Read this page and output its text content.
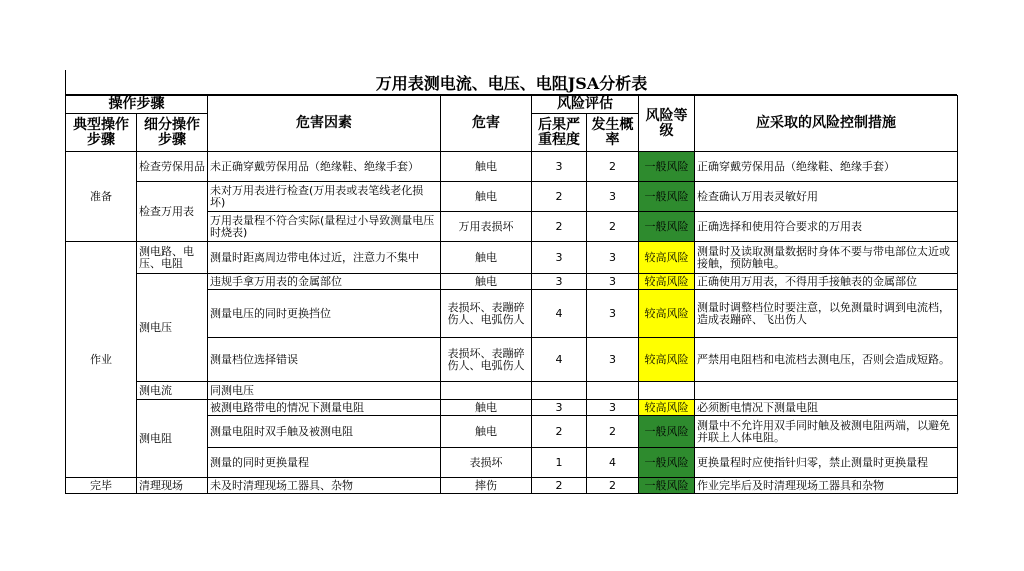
万用表测电流、电压、电阻JSA分析表
操作步骤		危害因素	危害	风险评估		风险等级	应采取的风险控制措施
典型操作步骤	细分操作步骤			后果严重程度	发生概率		
准备	检查劳保用品	未正确穿戴劳保用品（绝缘鞋、绝缘手套）	触电	3	2	一般风险	正确穿戴劳保用品（绝缘鞋、绝缘手套）
	检查万用表	未对万用表进行检查(万用表或表笔线老化损坏)	触电	2	3	一般风险	检查确认万用表灵敏好用
		万用表量程不符合实际(量程过小导致测量电压时烧表)	万用表损坏	2	2	一般风险	正确选择和使用符合要求的万用表
作业	测电路、电压、电阻	测量时距离周边带电体过近，注意力不集中	触电	3	3	较高风险	测量时及读取测量数据时身体不要与带电部位太近或接触，预防触电。
	测电压	违规手拿万用表的金属部位	触电	3	3	较高风险	正确使用万用表，不得用手接触表的金属部位
		测量电压的同时更换挡位	表损坏、表蹦碎伤人、电弧伤人	4	3	较高风险	测量时调整档位时要注意，以免测量时调到电流档，造成表蹦碎、飞出伤人
		测量档位选择错误	表损坏、表蹦碎伤人、电弧伤人	4	3	较高风险	严禁用电阻档和电流档去测电压，否则会造成短路。
	测电流	同测电压					
	测电阻	被测电路带电的情况下测量电阻	触电	3	3	较高风险	必须断电情况下测量电阻
		测量电阻时双手触及被测电阻	触电	2	2	一般风险	测量中不允许用双手同时触及被测电阻两端，以避免并联上人体电阻。
		测量的同时更换量程	表损坏	1	4	一般风险	更换量程时应使指针归零，禁止测量时更换量程
完毕	清理现场	未及时清理现场工器具、杂物	摔伤	2	2	一般风险	作业完毕后及时清理现场工器具和杂物
